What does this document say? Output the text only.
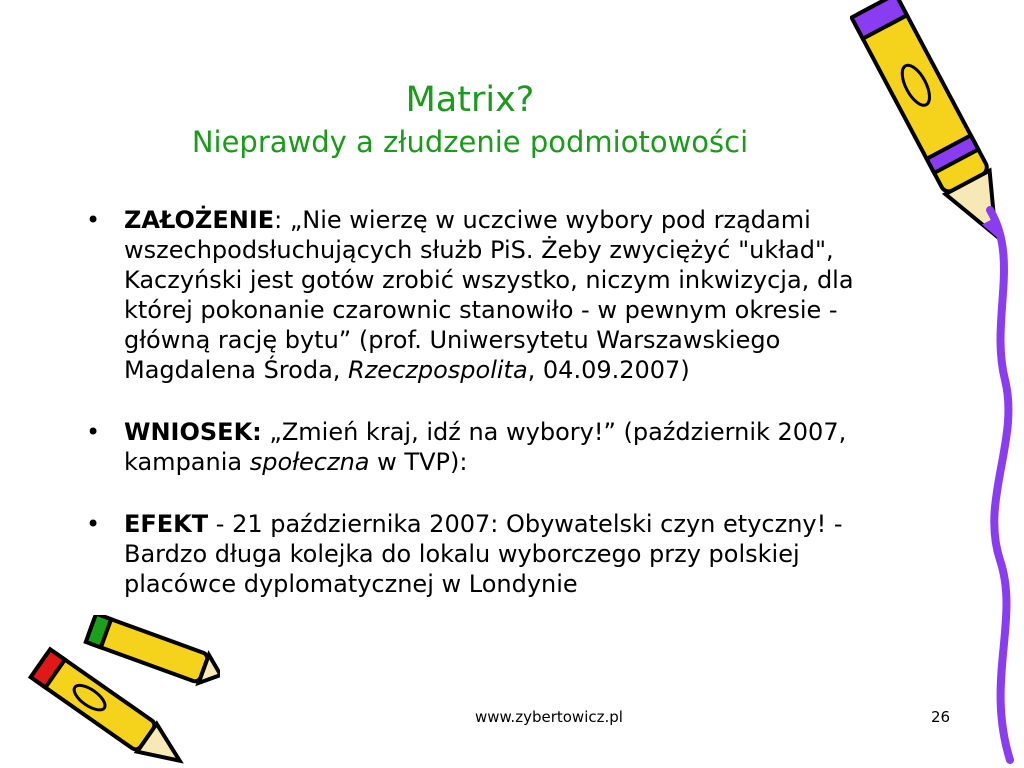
Matrix?
Nieprawdy a złudzenie podmiotowości
• ZAŁOŻENIE: „Nie wierzę w uczciwe wybory pod rządami wszechpodsłuchujących służb PiS. Żeby zwyciężyć "układ", Kaczyński jest gotów zrobić wszystko, niczym inkwizycja, dla której pokonanie czarownic stanowiło - w pewnym okresie - główną rację bytu” (prof. Uniwersytetu Warszawskiego Magdalena Środa, Rzeczpospolita, 04.09.2007)
• WNIOSEK: „Zmień kraj, idź na wybory!” (październik 2007, kampania społeczna w TVP):
• EFEKT - 21 października 2007: Obywatelski czyn etyczny! - Bardzo długa kolejka do lokalu wyborczego przy polskiej placówce dyplomatycznej w Londynie
www.zybertowicz.pl	26
